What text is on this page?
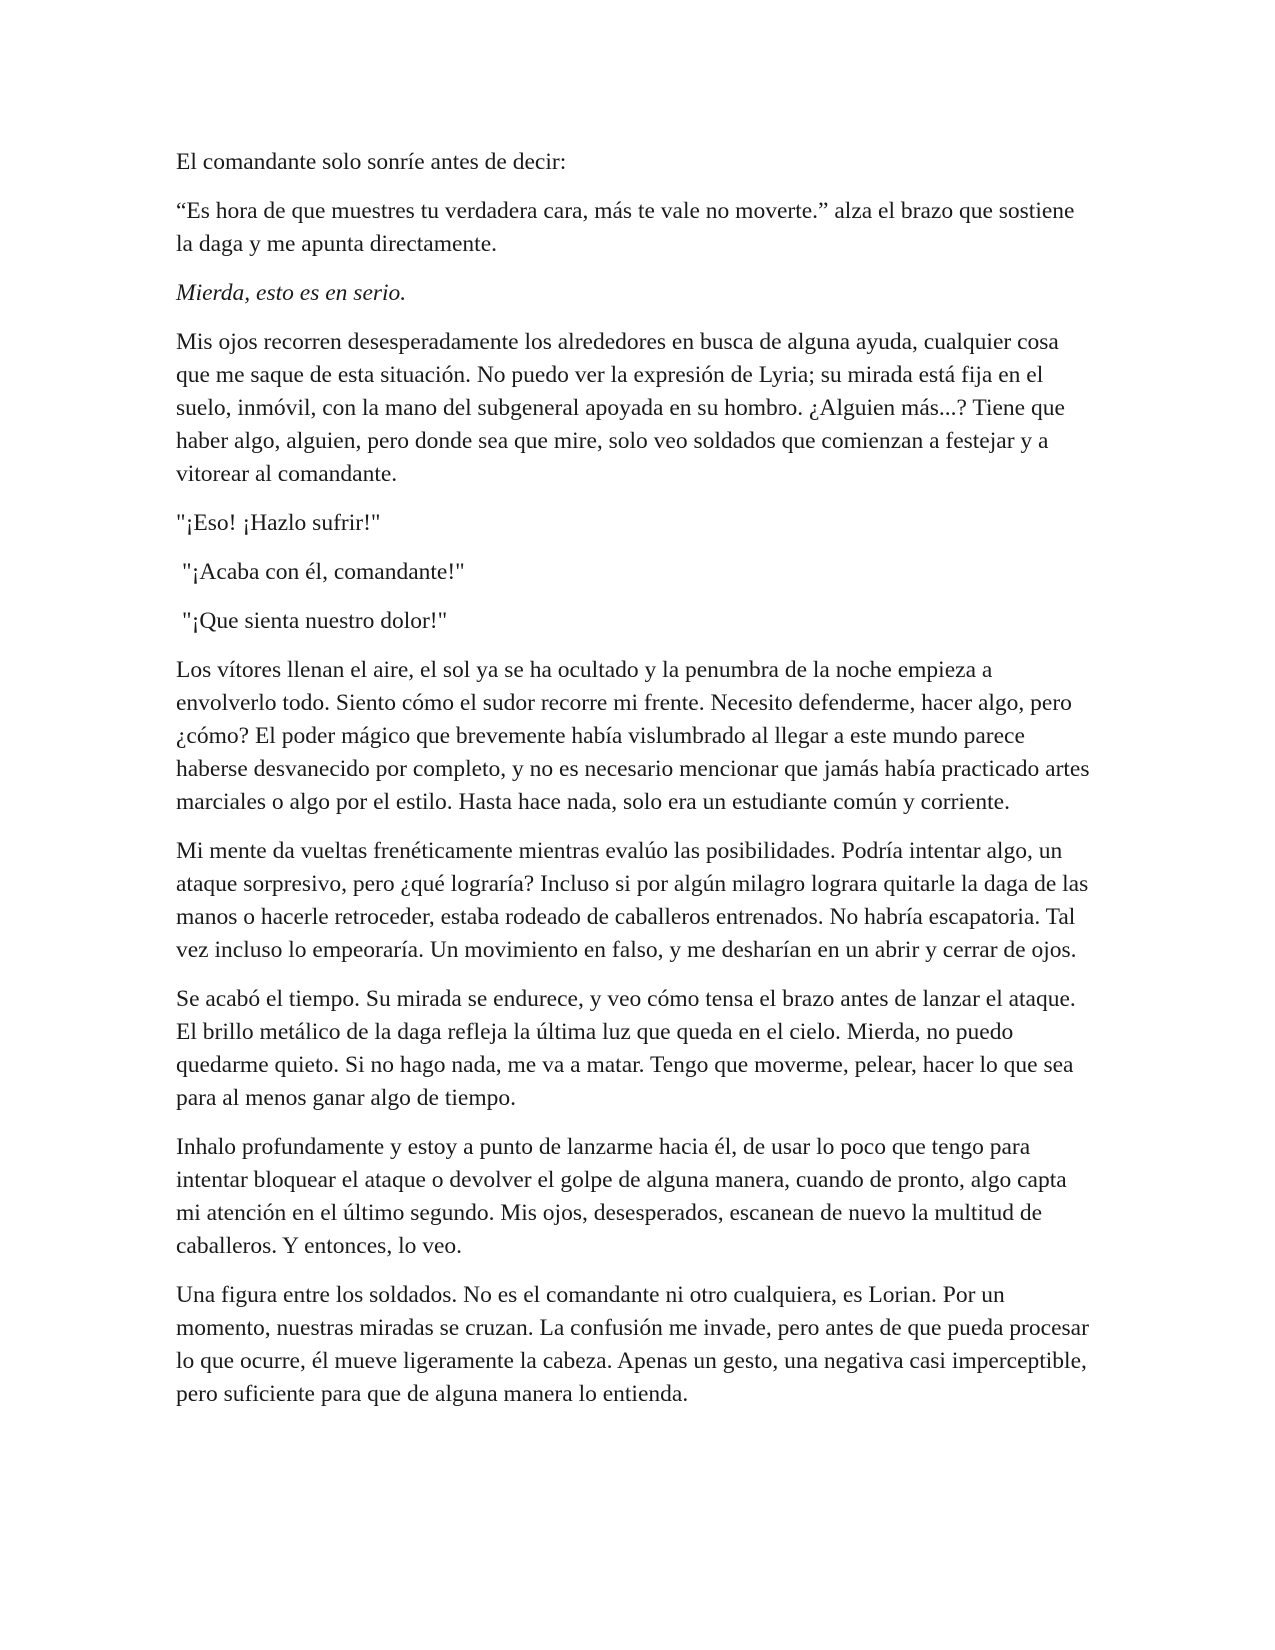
El comandante solo sonríe antes de decir:

“Es hora de que muestres tu verdadera cara, más te vale no moverte.” alza el brazo que sostiene la daga y me apunta directamente.

Mierda, esto es en serio.

Mis ojos recorren desesperadamente los alrededores en busca de alguna ayuda, cualquier cosa que me saque de esta situación. No puedo ver la expresión de Lyria; su mirada está fija en el suelo, inmóvil, con la mano del subgeneral apoyada en su hombro. ¿Alguien más...? Tiene que haber algo, alguien, pero donde sea que mire, solo veo soldados que comienzan a festejar y a vitorear al comandante.

"¡Eso! ¡Hazlo sufrir!"

"¡Acaba con él, comandante!"

"¡Que sienta nuestro dolor!"

Los vítores llenan el aire, el sol ya se ha ocultado y la penumbra de la noche empieza a envolverlo todo. Siento cómo el sudor recorre mi frente. Necesito defenderme, hacer algo, pero ¿cómo? El poder mágico que brevemente había vislumbrado al llegar a este mundo parece haberse desvanecido por completo, y no es necesario mencionar que jamás había practicado artes marciales o algo por el estilo. Hasta hace nada, solo era un estudiante común y corriente.

Mi mente da vueltas frenéticamente mientras evalúo las posibilidades. Podría intentar algo, un ataque sorpresivo, pero ¿qué lograría? Incluso si por algún milagro lograra quitarle la daga de las manos o hacerle retroceder, estaba rodeado de caballeros entrenados. No habría escapatoria. Tal vez incluso lo empeoraría. Un movimiento en falso, y me desharían en un abrir y cerrar de ojos.

Se acabó el tiempo. Su mirada se endurece, y veo cómo tensa el brazo antes de lanzar el ataque. El brillo metálico de la daga refleja la última luz que queda en el cielo. Mierda, no puedo quedarme quieto. Si no hago nada, me va a matar. Tengo que moverme, pelear, hacer lo que sea para al menos ganar algo de tiempo.

Inhalo profundamente y estoy a punto de lanzarme hacia él, de usar lo poco que tengo para intentar bloquear el ataque o devolver el golpe de alguna manera, cuando de pronto, algo capta mi atención en el último segundo. Mis ojos, desesperados, escanean de nuevo la multitud de caballeros. Y entonces, lo veo.

Una figura entre los soldados. No es el comandante ni otro cualquiera, es Lorian. Por un momento, nuestras miradas se cruzan. La confusión me invade, pero antes de que pueda procesar lo que ocurre, él mueve ligeramente la cabeza. Apenas un gesto, una negativa casi imperceptible, pero suficiente para que de alguna manera lo entienda.
